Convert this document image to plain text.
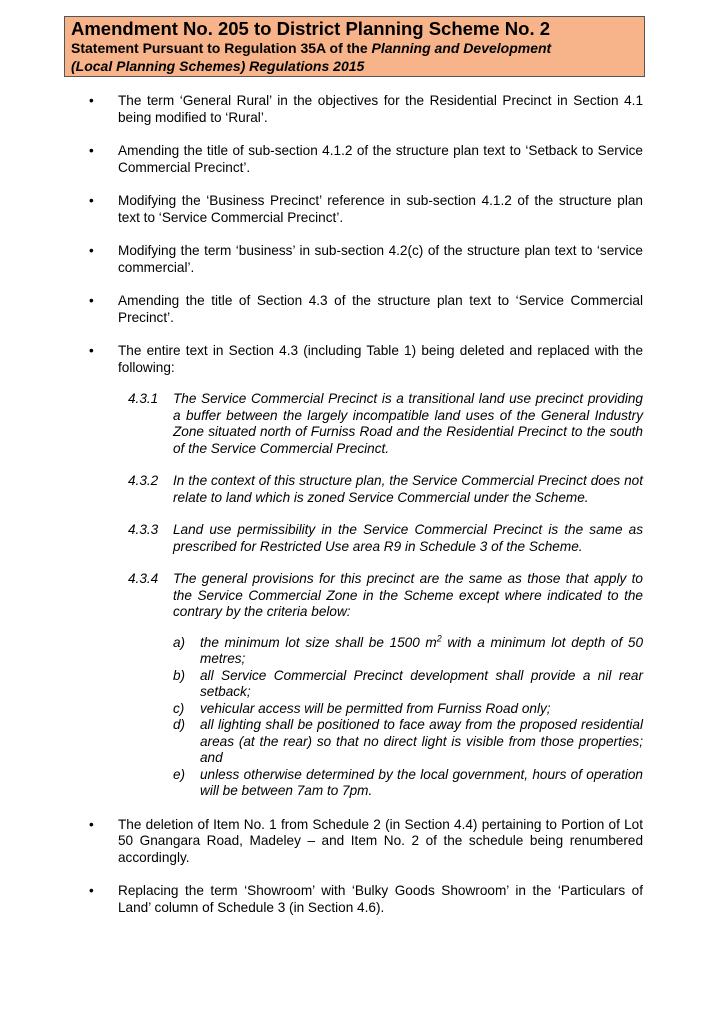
Amendment No. 205 to District Planning Scheme No. 2
Statement Pursuant to Regulation 35A of the Planning and Development
(Local Planning Schemes) Regulations 2015
• The term ‘General Rural’ in the objectives for the Residential Precinct in Section 4.1 being modified to ‘Rural’.
• Amending the title of sub-section 4.1.2 of the structure plan text to ‘Setback to Service Commercial Precinct’.
• Modifying the ‘Business Precinct’ reference in sub-section 4.1.2 of the structure plan text to ‘Service Commercial Precinct’.
• Modifying the term ‘business’ in sub-section 4.2(c) of the structure plan text to ‘service commercial’.
• Amending the title of Section 4.3 of the structure plan text to ‘Service Commercial Precinct’.
• The entire text in Section 4.3 (including Table 1) being deleted and replaced with the following:
4.3.1 The Service Commercial Precinct is a transitional land use precinct providing a buffer between the largely incompatible land uses of the General Industry Zone situated north of Furniss Road and the Residential Precinct to the south of the Service Commercial Precinct.
4.3.2 In the context of this structure plan, the Service Commercial Precinct does not relate to land which is zoned Service Commercial under the Scheme.
4.3.3 Land use permissibility in the Service Commercial Precinct is the same as prescribed for Restricted Use area R9 in Schedule 3 of the Scheme.
4.3.4 The general provisions for this precinct are the same as those that apply to the Service Commercial Zone in the Scheme except where indicated to the contrary by the criteria below:
a) the minimum lot size shall be 1500 $m^2$ with a minimum lot depth of 50 metres;
b) all Service Commercial Precinct development shall provide a nil rear setback;
c) vehicular access will be permitted from Furniss Road only;
d) all lighting shall be positioned to face away from the proposed residential areas (at the rear) so that no direct light is visible from those properties; and
e) unless otherwise determined by the local government, hours of operation will be between 7am to 7pm.
• The deletion of Item No. 1 from Schedule 2 (in Section 4.4) pertaining to Portion of Lot 50 Gnangara Road, Madeley – and Item No. 2 of the schedule being renumbered accordingly.
• Replacing the term ‘Showroom’ with ‘Bulky Goods Showroom’ in the ‘Particulars of Land’ column of Schedule 3 (in Section 4.6).
